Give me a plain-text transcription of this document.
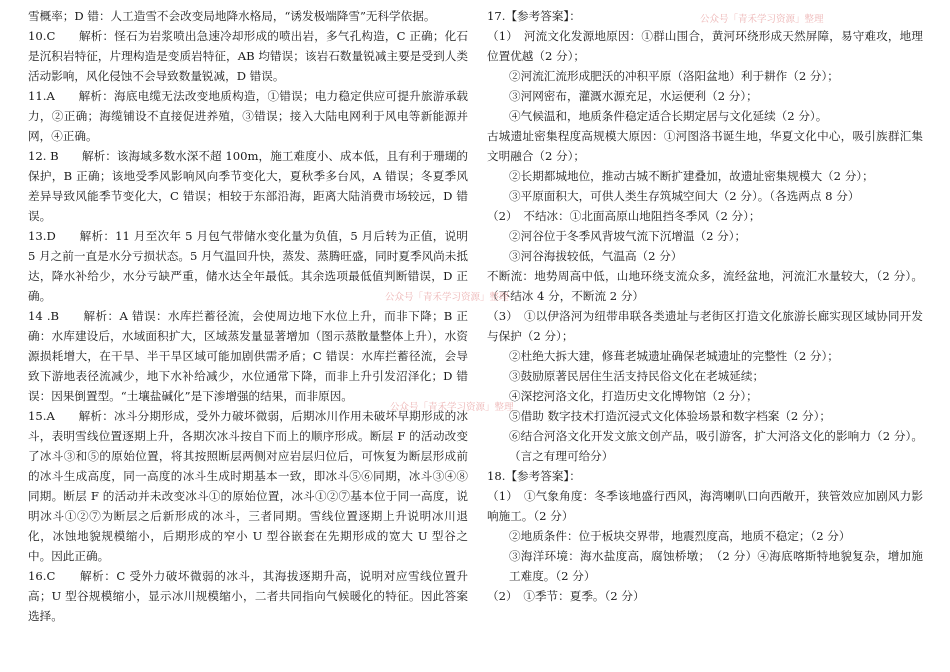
雪概率；D 错：人工造雪不会改变局地降水格局，“诱发极端降雪”无科学依据。

10.C　　解析：怪石为岩浆喷出急速冷却形成的喷出岩，多气孔构造，C 正确；化石是沉积岩特征，片理构造是变质岩特征，AB 均错误；该岩石数量锐减主要是受到人类活动影响，风化侵蚀不会导致数量锐减，D 错误。

11.A　　解析：海底电缆无法改变地质构造，①错误；电力稳定供应可提升旅游承载力，②正确；海缆铺设不直接促进养殖，③错误；接入大陆电网利于风电等新能源并网，④正确。

12. B　　解析：该海域多数水深不超 100m，施工难度小、成本低，且有利于珊瑚的保护，B 正确；该地受季风影响风向季节变化大，夏秋季多台风，A 错误；冬夏季风差异导致风能季节变化大，C 错误；相较于东部沿海，距离大陆消费市场较远，D 错误。

13.D　　解析：11 月至次年 5 月包气带储水变化量为负值，5 月后转为正值，说明 5 月之前一直是水分亏损状态。5 月气温回升快，蒸发、蒸腾旺盛，同时夏季风尚未抵达，降水补给少，水分亏缺严重，储水达全年最低。其余选项最低值判断错误，D 正确。

14 .B　　解析：A 错误：水库拦蓄径流，会使周边地下水位上升，而非下降；B 正确：水库建设后，水域面积扩大，区域蒸发量显著增加（图示蒸散量整体上升），水资源损耗增大，在干旱、半干旱区域可能加剧供需矛盾；C 错误：水库拦蓄径流，会导致下游地表径流减少，地下水补给减少，水位通常下降，而非上升引发沼泽化；D 错误：因果倒置型。“土壤盐碱化”是下渗增强的结果，而非原因。

15.A　　解析：冰斗分期形成，受外力破坏微弱，后期冰川作用未破坏早期形成的冰斗，表明雪线位置逐期上升，各期次冰斗按自下而上的顺序形成。断层 F 的活动改变了冰斗③和⑤的原始位置，将其按照断层两侧对应岩层归位后，可恢复为断层形成前的冰斗生成高度，同一高度的冰斗生成时期基本一致，即冰斗⑤⑥同期，冰斗③④⑧同期。断层 F 的活动并未改变冰斗①的原始位置，冰斗①②⑦基本位于同一高度，说明冰斗①②⑦为断层之后新形成的冰斗，三者同期。雪线位置逐期上升说明冰川退化，冰蚀地貌规模缩小，后期形成的窄小 U 型谷嵌套在先期形成的宽大 U 型谷之中。因此正确。

16.C　　解析：C 受外力破坏微弱的冰斗，其海拔逐期升高，说明对应雪线位置升高；U 型谷规模缩小，显示冰川规模缩小，二者共同指向气候暖化的特征。因此答案选择。

17.【参考答案】：

（1）　河流文化发源地原因：①群山围合，黄河环绕形成天然屏障，易守难攻，地理位置优越（2 分）；

②河流汇流形成肥沃的冲积平原（洛阳盆地）利于耕作（2 分）；

③河网密布，灌溉水源充足，水运便利（2 分）；

④气候温和，地质条件稳定适合长期定居与文化延续（2 分）。

古城遗址密集程度高规模大原因：①河图洛书诞生地，华夏文化中心，吸引族群汇集文明融合（2 分）；

②长期都城地位，推动古城不断扩建叠加，故遗址密集规模大（2 分）；

③平原面积大，可供人类生存筑城空间大（2 分）。（各选两点 8 分）

（2）　不结冰：①北面高原山地阻挡冬季风（2 分）；

②河谷位于冬季风背坡气流下沉增温（2 分）；

③河谷海拔较低，气温高（2 分）

不断流：地势周高中低，山地环绕支流众多，流经盆地，河流汇水量较大，（2 分）。（不结冰 4 分，不断流 2 分）

（3）　①以伊洛河为纽带串联各类遗址与老街区打造文化旅游长廊实现区域协同开发与保护（2 分）；

②杜绝大拆大建，修葺老城遗址确保老城遗址的完整性（2 分）；

③鼓励原著民居住生活支持民俗文化在老城延续；

④深挖河洛文化，打造历史文化博物馆（2 分）；

⑤借助 数字技术打造沉浸式文化体验场景和数字档案（2 分）；

⑥结合河洛文化开发文旅文创产品，吸引游客，扩大河洛文化的影响力（2 分）。（言之有理可给分）

18.【参考答案】：

（1）　①气象角度：冬季该地盛行西风，海湾喇叭口向西敞开，狭管效应加剧风力影响施工。（2 分）

②地质条件：位于板块交界带，地震烈度高，地质不稳定；（2 分）

③海洋环境：海水盐度高，腐蚀桥墩；　（2 分）④海底喀斯特地貌复杂，增加施工难度。（2 分）

（2）　①季节：夏季。（2 分）

公众号「青禾学习资源」整理
公众号「青禾学习资源」整理
公众号「青禾学习资源」整理
